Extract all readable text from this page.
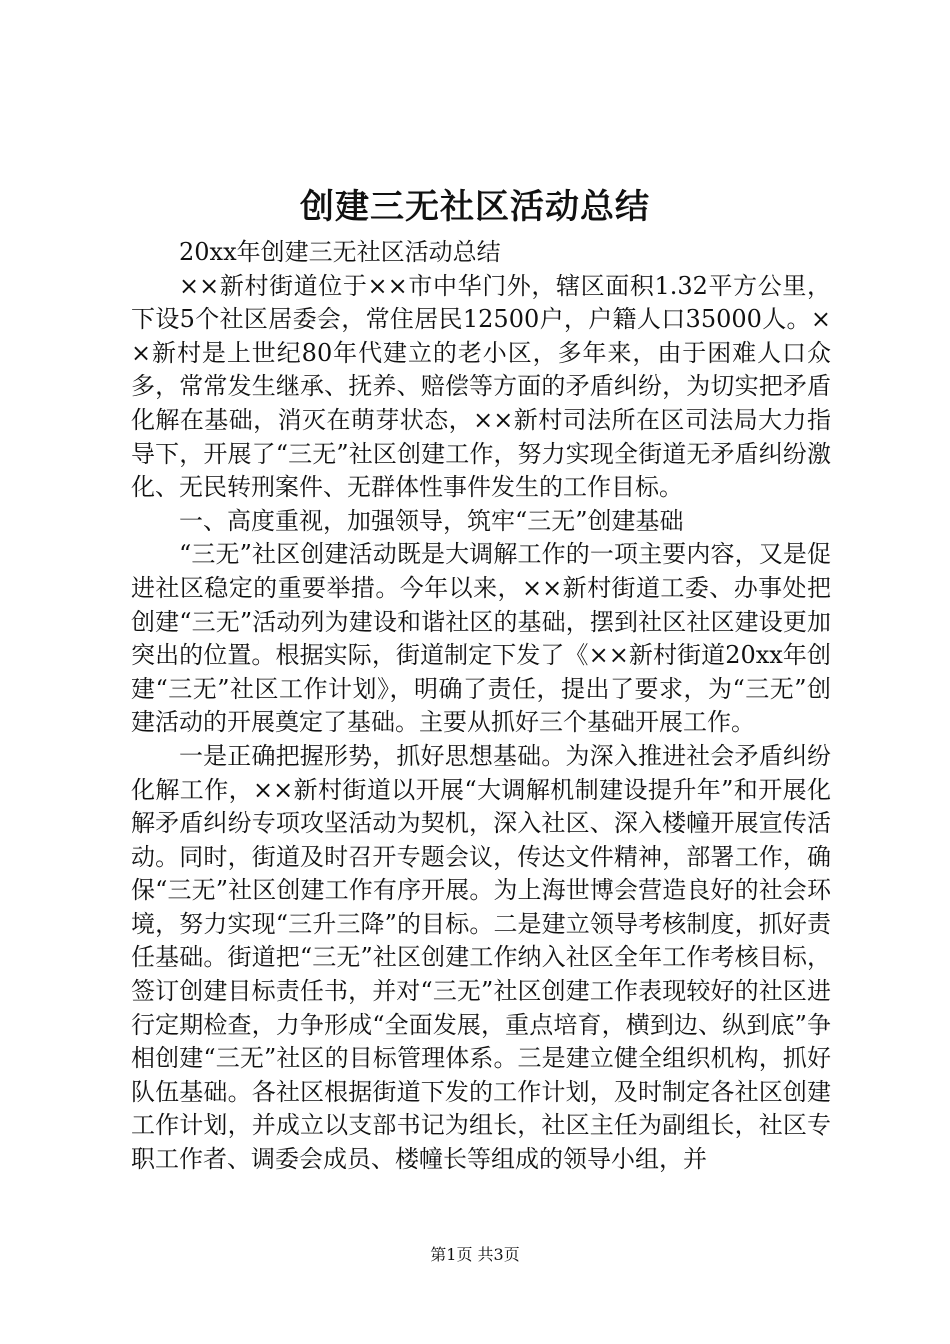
创建三无社区活动总结

20xx年创建三无社区活动总结

××新村街道位于××市中华门外，辖区面积1.32平方公里，下设5个社区居委会，常住居民12500户，户籍人口35000人。××新村是上世纪80年代建立的老小区，多年来，由于困难人口众多，常常发生继承、抚养、赔偿等方面的矛盾纠纷，为切实把矛盾化解在基础，消灭在萌芽状态，××新村司法所在区司法局大力指导下，开展了“三无”社区创建工作，努力实现全街道无矛盾纠纷激化、无民转刑案件、无群体性事件发生的工作目标。

一、高度重视，加强领导，筑牢“三无”创建基础

“三无”社区创建活动既是大调解工作的一项主要内容，又是促进社区稳定的重要举措。今年以来，××新村街道工委、办事处把创建“三无”活动列为建设和谐社区的基础，摆到社区社区建设更加突出的位置。根据实际，街道制定下发了《××新村街道20xx年创建“三无”社区工作计划》，明确了责任，提出了要求，为“三无”创建活动的开展奠定了基础。主要从抓好三个基础开展工作。

一是正确把握形势，抓好思想基础。为深入推进社会矛盾纠纷化解工作，××新村街道以开展“大调解机制建设提升年”和开展化解矛盾纠纷专项攻坚活动为契机，深入社区、深入楼幢开展宣传活动。同时，街道及时召开专题会议，传达文件精神，部署工作，确保“三无”社区创建工作有序开展。为上海世博会营造良好的社会环境，努力实现“三升三降”的目标。二是建立领导考核制度，抓好责任基础。街道把“三无”社区创建工作纳入社区全年工作考核目标，签订创建目标责任书，并对“三无”社区创建工作表现较好的社区进行定期检查，力争形成“全面发展，重点培育，横到边、纵到底”争相创建“三无”社区的目标管理体系。三是建立健全组织机构，抓好队伍基础。各社区根据街道下发的工作计划，及时制定各社区创建工作计划，并成立以支部书记为组长，社区主任为副组长，社区专职工作者、调委会成员、楼幢长等组成的领导小组，并

第1页 共3页
